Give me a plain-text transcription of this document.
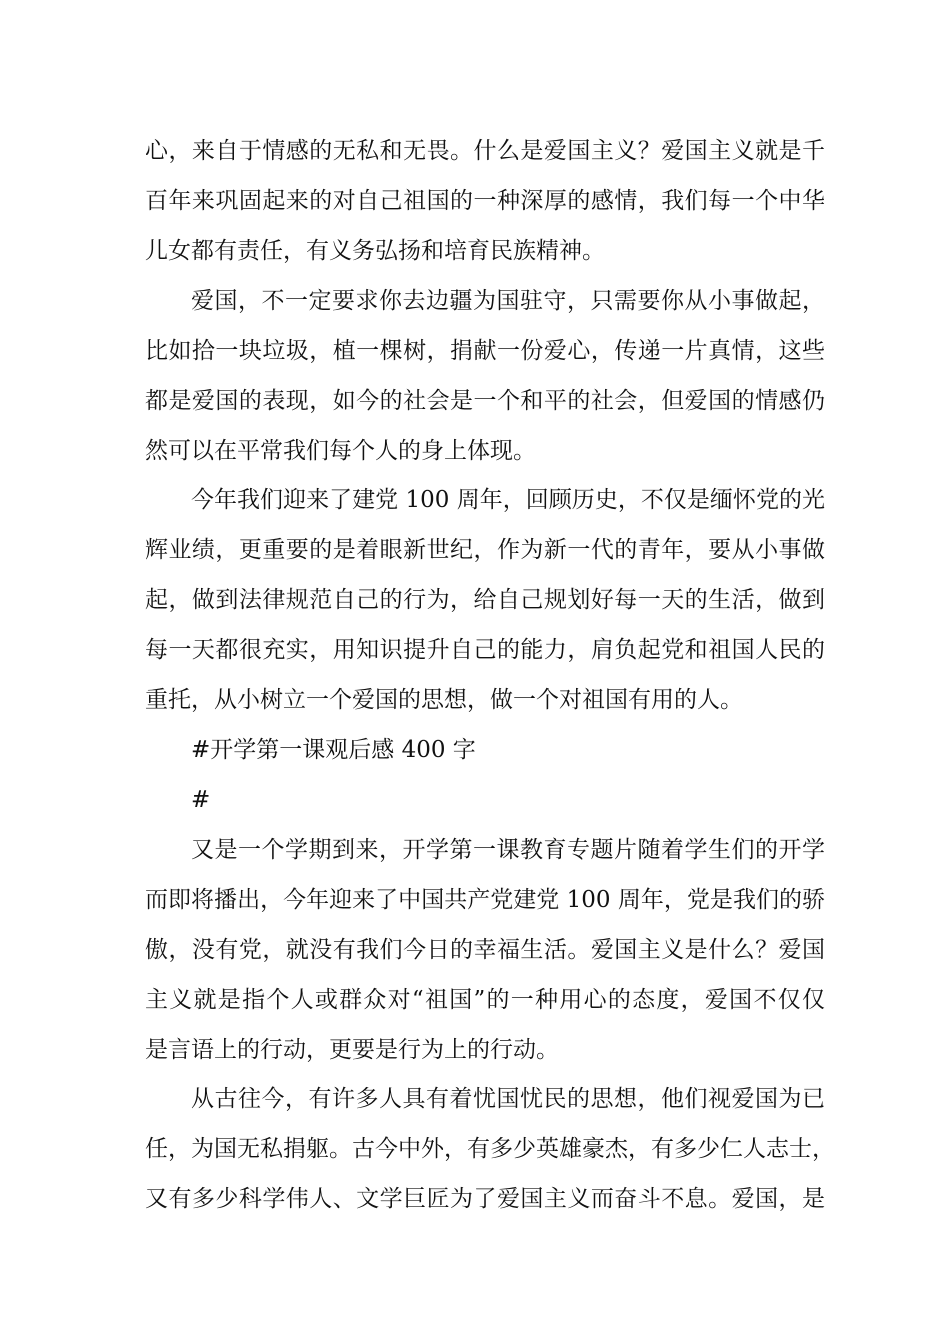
心，来自于情感的无私和无畏。什么是爱国主义？爱国主义就是千
百年来巩固起来的对自己祖国的一种深厚的感情，我们每一个中华
儿女都有责任，有义务弘扬和培育民族精神。
爱国，不一定要求你去边疆为国驻守，只需要你从小事做起，
比如拾一块垃圾，植一棵树，捐献一份爱心，传递一片真情，这些
都是爱国的表现，如今的社会是一个和平的社会，但爱国的情感仍
然可以在平常我们每个人的身上体现。
今年我们迎来了建党 100 周年，回顾历史，不仅是缅怀党的光
辉业绩，更重要的是着眼新世纪，作为新一代的青年，要从小事做
起，做到法律规范自己的行为，给自己规划好每一天的生活，做到
每一天都很充实，用知识提升自己的能力，肩负起党和祖国人民的
重托，从小树立一个爱国的思想，做一个对祖国有用的人。
#开学第一课观后感 400 字
#
又是一个学期到来，开学第一课教育专题片随着学生们的开学
而即将播出，今年迎来了中国共产党建党 100 周年，党是我们的骄
傲，没有党，就没有我们今日的幸福生活。爱国主义是什么？爱国
主义就是指个人或群众对“祖国”的一种用心的态度，爱国不仅仅
是言语上的行动，更要是行为上的行动。
从古往今，有许多人具有着忧国忧民的思想，他们视爱国为已
任，为国无私捐躯。古今中外，有多少英雄豪杰，有多少仁人志士，
又有多少科学伟人、文学巨匠为了爱国主义而奋斗不息。爱国，是
